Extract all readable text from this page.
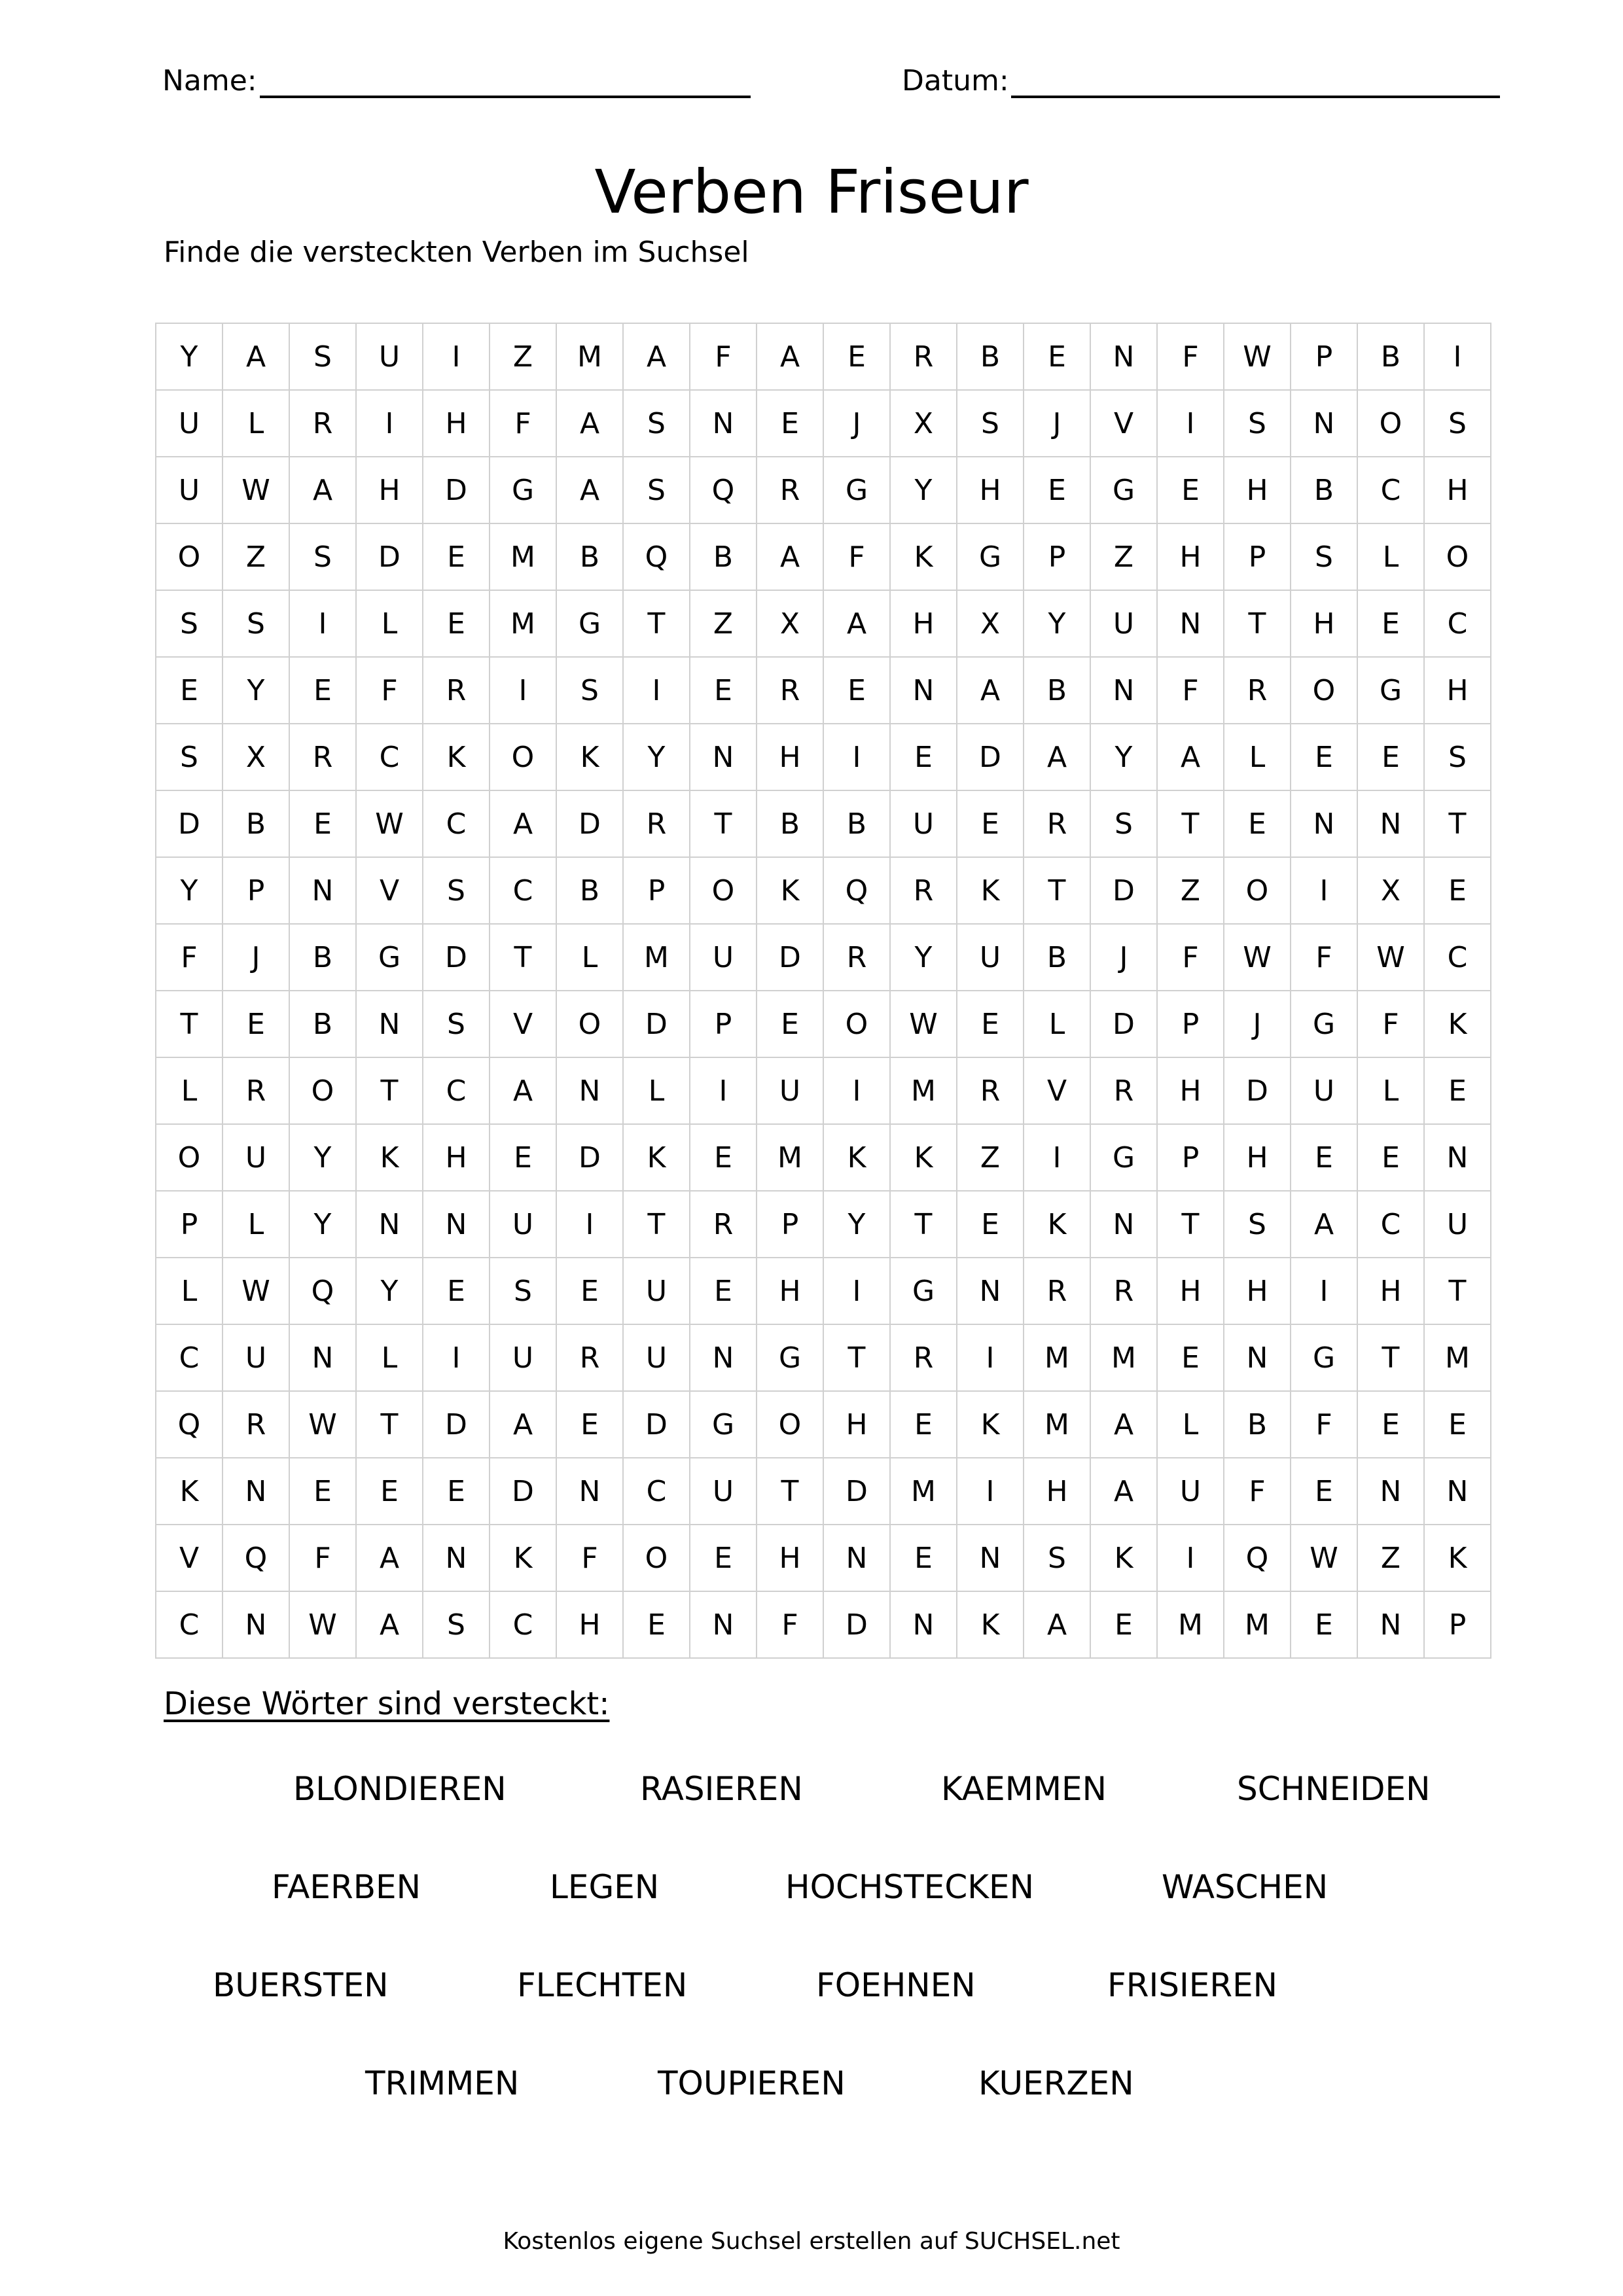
Name:	Datum:
Verben Friseur
Finde die versteckten Verben im Suchsel
Y	A	S	U	I	Z	M	A	F	A	E	R	B	E	N	F	W	P	B	I
U	L	R	I	H	F	A	S	N	E	J	X	S	J	V	I	S	N	O	S
U	W	A	H	D	G	A	S	Q	R	G	Y	H	E	G	E	H	B	C	H
O	Z	S	D	E	M	B	Q	B	A	F	K	G	P	Z	H	P	S	L	O
S	S	I	L	E	M	G	T	Z	X	A	H	X	Y	U	N	T	H	E	C
E	Y	E	F	R	I	S	I	E	R	E	N	A	B	N	F	R	O	G	H
S	X	R	C	K	O	K	Y	N	H	I	E	D	A	Y	A	L	E	E	S
D	B	E	W	C	A	D	R	T	B	B	U	E	R	S	T	E	N	N	T
Y	P	N	V	S	C	B	P	O	K	Q	R	K	T	D	Z	O	I	X	E
F	J	B	G	D	T	L	M	U	D	R	Y	U	B	J	F	W	F	W	C
T	E	B	N	S	V	O	D	P	E	O	W	E	L	D	P	J	G	F	K
L	R	O	T	C	A	N	L	I	U	I	M	R	V	R	H	D	U	L	E
O	U	Y	K	H	E	D	K	E	M	K	K	Z	I	G	P	H	E	E	N
P	L	Y	N	N	U	I	T	R	P	Y	T	E	K	N	T	S	A	C	U
L	W	Q	Y	E	S	E	U	E	H	I	G	N	R	R	H	H	I	H	T
C	U	N	L	I	U	R	U	N	G	T	R	I	M	M	E	N	G	T	M
Q	R	W	T	D	A	E	D	G	O	H	E	K	M	A	L	B	F	E	E
K	N	E	E	E	D	N	C	U	T	D	M	I	H	A	U	F	E	N	N
V	Q	F	A	N	K	F	O	E	H	N	E	N	S	K	I	Q	W	Z	K
C	N	W	A	S	C	H	E	N	F	D	N	K	A	E	M	M	E	N	P
Diese Wörter sind versteckt:
BLONDIEREN	RASIEREN	KAEMMEN	SCHNEIDEN
FAERBEN	LEGEN	HOCHSTECKEN	WASCHEN
BUERSTEN	FLECHTEN	FOEHNEN	FRISIEREN
TRIMMEN	TOUPIEREN	KUERZEN
Kostenlos eigene Suchsel erstellen auf SUCHSEL.net
